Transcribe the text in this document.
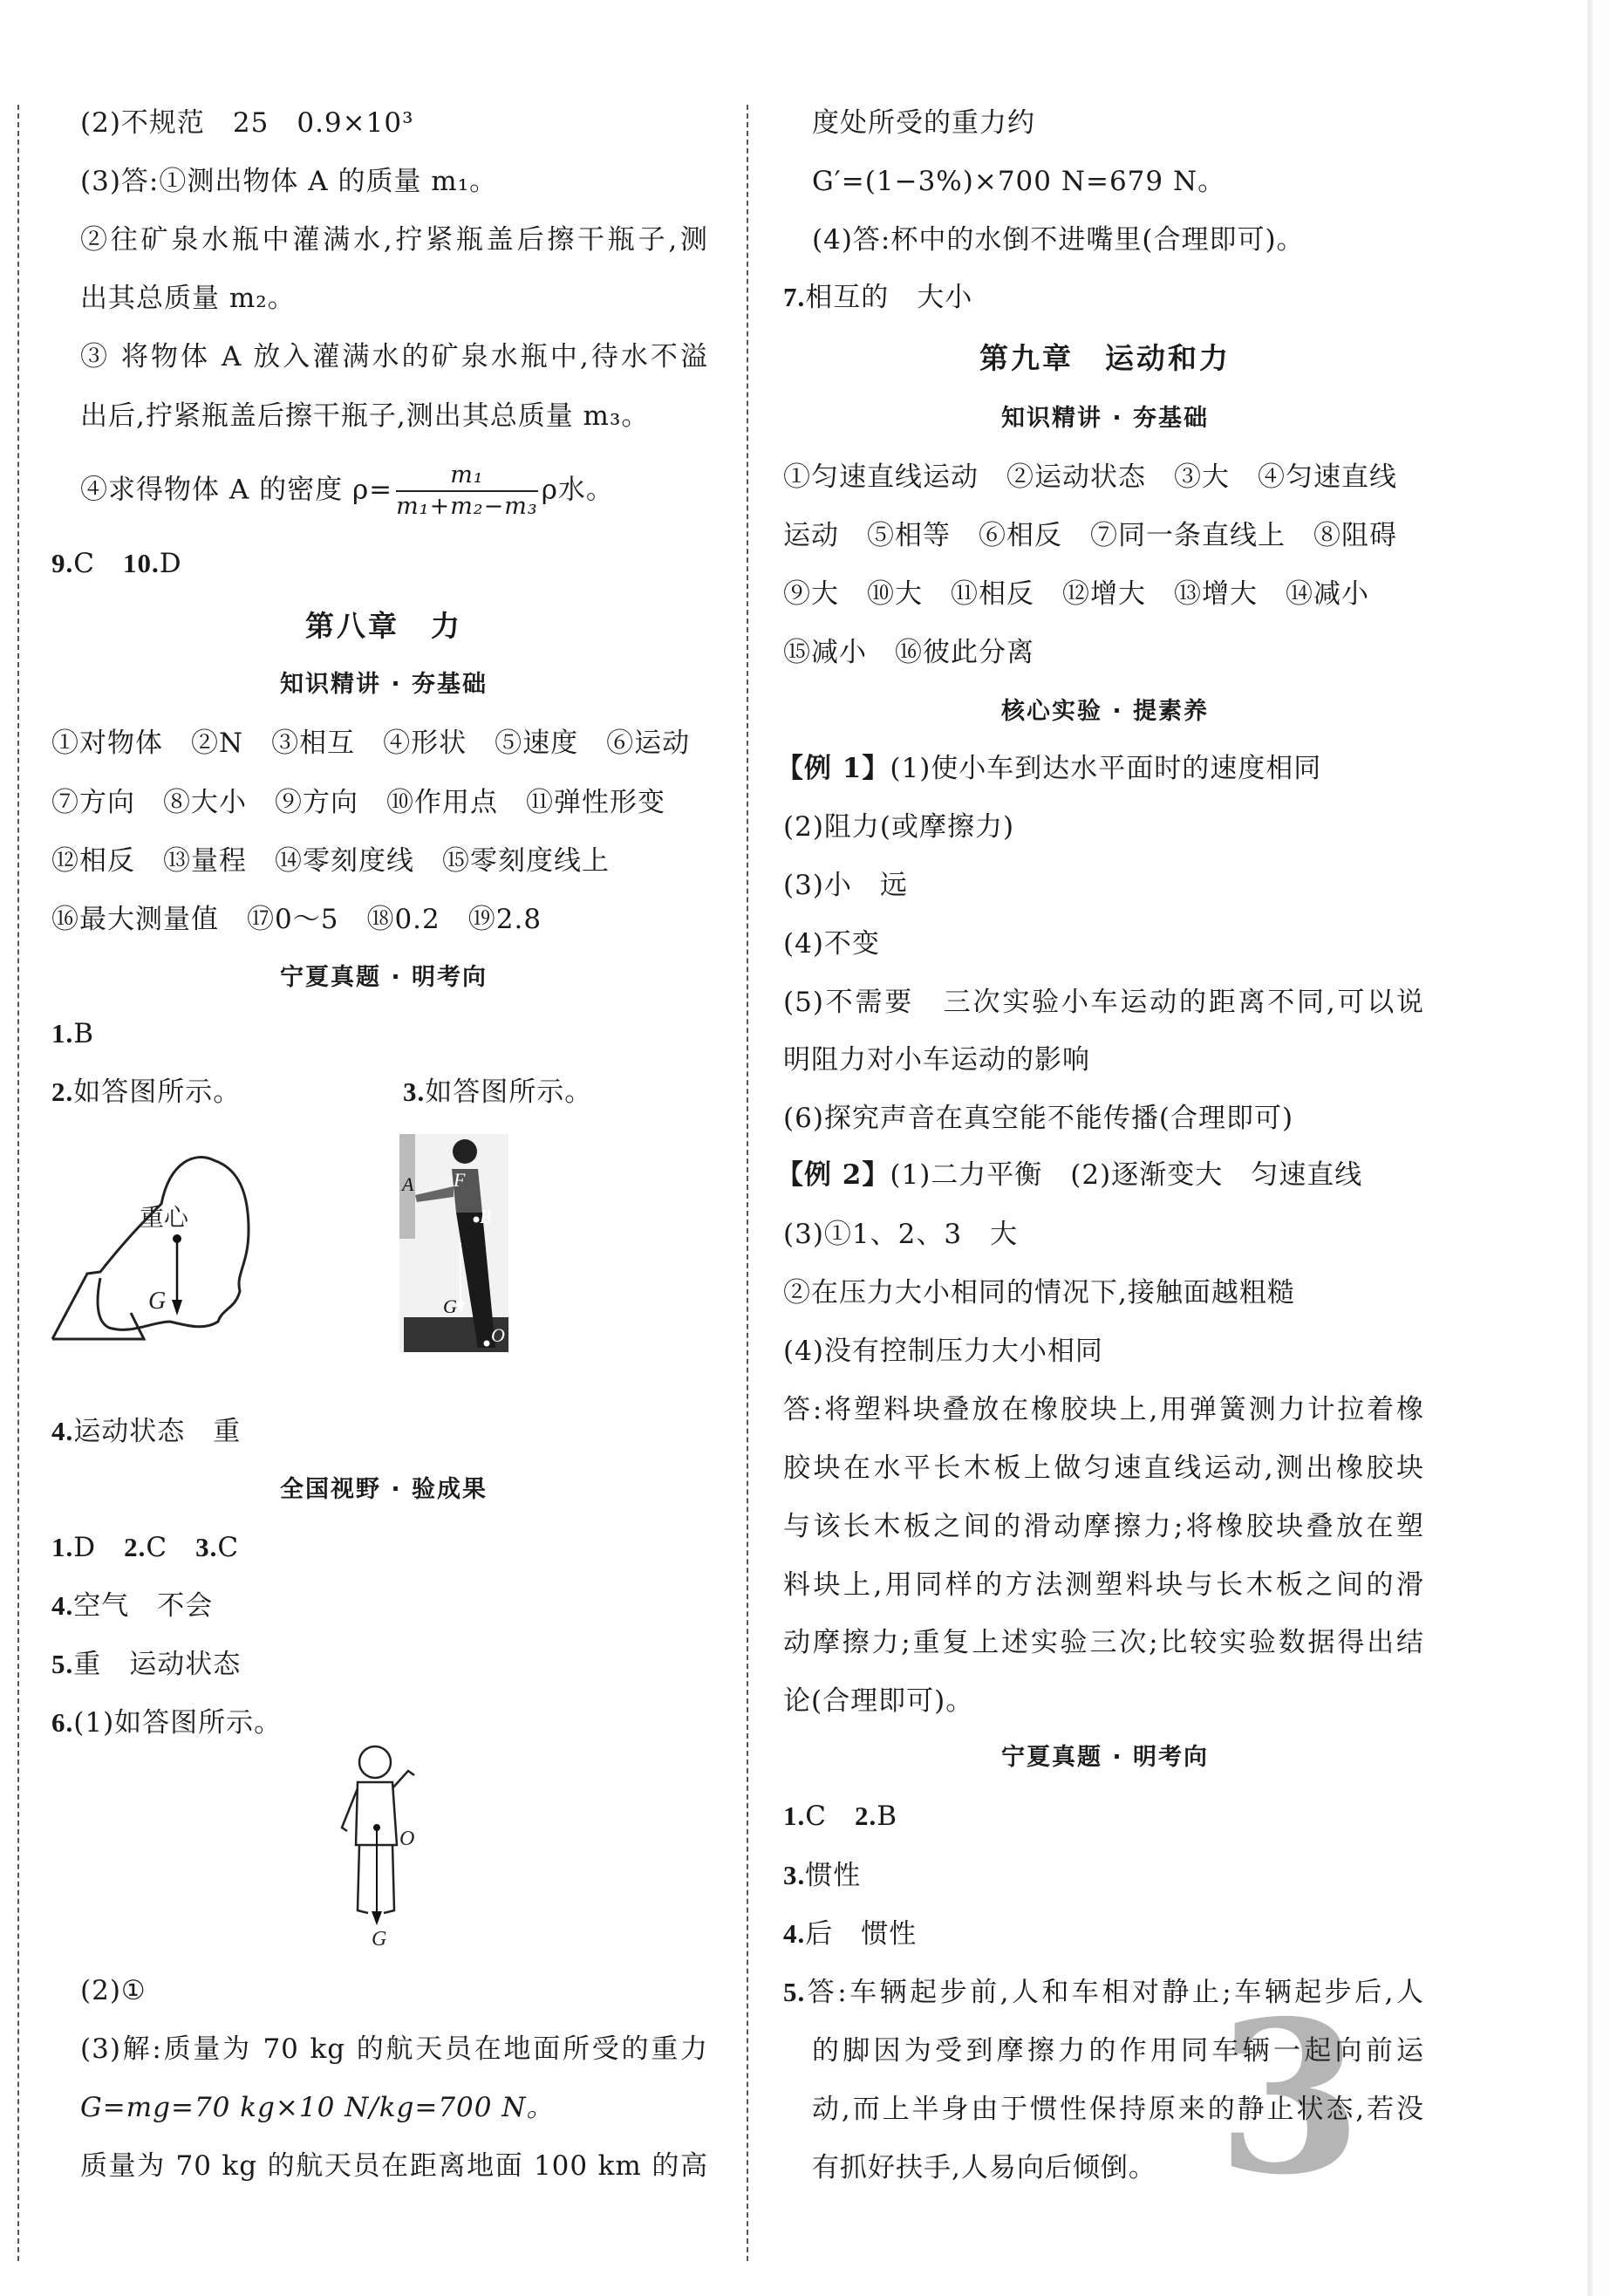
(2)不规范　25　0.9×10³
(3)答:①测出物体 A 的质量 m₁。
②往矿泉水瓶中灌满水,拧紧瓶盖后擦干瓶子,测
出其总质量 m₂。
③ 将物体 A 放入灌满水的矿泉水瓶中,待水不溢
出后,拧紧瓶盖后擦干瓶子,测出其总质量 m₃。
④求得物体 A 的密度 $\rho= \frac{\text{m₁}}{\text{m₁+m₂−m₃}}$ ρ水。
9.C　 10.D
第八章　力
知识精讲 · 夯基础
①对物体　②N　③相互　④形状　⑤速度　⑥运动
⑦方向　⑧大小　⑨方向　⑩作用点　⑪弹性形变
⑫相反　⑬量程　⑭零刻度线　⑮零刻度线上
⑯最大测量值　⑰0～5　⑱0.2　⑲2.8
宁夏真题 · 明考向
1.B
2.如答图所示。	3.如答图所示。
重心
G
A F
B
G
O
4.运动状态　重
全国视野 · 验成果
1.D　 2.C　 3.C
4.空气　不会
5.重　运动状态
6.(1)如答图所示。
O
G
(2)①
(3)解:质量为 70 kg 的航天员在地面所受的重力
G=mg=70 kg×10 N/kg=700 N。
质量为 70 kg 的航天员在距离地面 100 km 的高
度处所受的重力约
G′=(1−3%)×700 N=679 N。
(4)答:杯中的水倒不进嘴里(合理即可)。
7.相互的　大小
第九章　运动和力
知识精讲 · 夯基础
①匀速直线运动　②运动状态　③大　④匀速直线
运动　⑤相等　⑥相反　⑦同一条直线上　⑧阻碍
⑨大　⑩大　⑪相反　⑫增大　⑬增大　⑭减小
⑮减小　⑯彼此分离
核心实验 · 提素养
【例 1】(1)使小车到达水平面时的速度相同
(2)阻力(或摩擦力)
(3)小　远
(4)不变
(5)不需要　三次实验小车运动的距离不同,可以说
明阻力对小车运动的影响
(6)探究声音在真空能不能传播(合理即可)
【例 2】(1)二力平衡　(2)逐渐变大　匀速直线
(3)①1、2、3　大
②在压力大小相同的情况下,接触面越粗糙
(4)没有控制压力大小相同
答:将塑料块叠放在橡胶块上,用弹簧测力计拉着橡
胶块在水平长木板上做匀速直线运动,测出橡胶块
与该长木板之间的滑动摩擦力;将橡胶块叠放在塑
料块上,用同样的方法测塑料块与长木板之间的滑
动摩擦力;重复上述实验三次;比较实验数据得出结
论(合理即可)。
宁夏真题 · 明考向
1.C　 2.B
3.惯性
4.后　惯性
3
5.答:车辆起步前,人和车相对静止;车辆起步后,人
的脚因为受到摩擦力的作用同车辆一起向前运
动,而上半身由于惯性保持原来的静止状态,若没
有抓好扶手,人易向后倾倒。
